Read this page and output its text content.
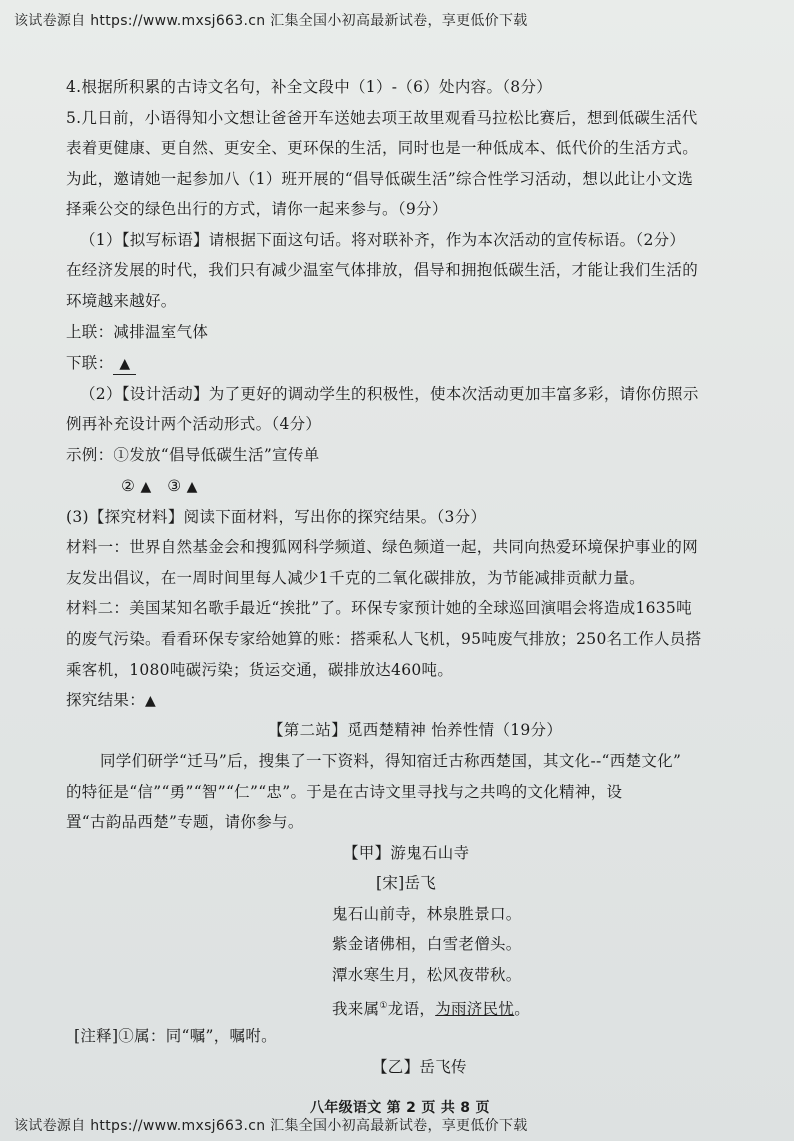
该试卷源自 https://www.mxsj663.cn 汇集全国小初高最新试卷，享更低价下载
4.根据所积累的古诗文名句，补全文段中（1）-（6）处内容。（8分）
5.几日前，小语得知小文想让爸爸开车送她去项王故里观看马拉松比赛后，想到低碳生活代
表着更健康、更自然、更安全、更环保的生活，同时也是一种低成本、低代价的生活方式。
为此，邀请她一起参加八（1）班开展的“倡导低碳生活”综合性学习活动，想以此让小文选
择乘公交的绿色出行的方式，请你一起来参与。（9分）
（1）【拟写标语】请根据下面这句话。将对联补齐，作为本次活动的宣传标语。（2分）
在经济发展的时代，我们只有减少温室气体排放，倡导和拥抱低碳生活，才能让我们生活的
环境越来越好。
上联：减排温室气体
下联： ▲
（2）【设计活动】为了更好的调动学生的积极性，使本次活动更加丰富多彩，请你仿照示
例再补充设计两个活动形式。（4分）
示例：①发放“倡导低碳生活”宣传单
② ▲ ③ ▲
(3)【探究材料】阅读下面材料，写出你的探究结果。（3分）
材料一：世界自然基金会和搜狐网科学频道、绿色频道一起，共同向热爱环境保护事业的网
友发出倡议，在一周时间里每人减少1千克的二氧化碳排放，为节能减排贡献力量。
材料二：美国某知名歌手最近“挨批”了。环保专家预计她的全球巡回演唱会将造成1635吨
的废气污染。看看环保专家给她算的账：搭乘私人飞机，95吨废气排放；250名工作人员搭
乘客机，1080吨碳污染；货运交通，碳排放达460吨。
探究结果：▲
【第二站】觅西楚精神 怡养性情（19分）
同学们研学“迁马”后，搜集了一下资料，得知宿迁古称西楚国，其文化--“西楚文化”
的特征是“信”“勇”“智”“仁”“忠”。于是在古诗文里寻找与之共鸣的文化精神，设
置“古韵品西楚”专题，请你参与。
【甲】游鬼石山寺
[宋]岳飞
鬼石山前寺，林泉胜景口。
紫金诸佛相，白雪老僧头。
潭水寒生月，松风夜带秋。
我来属①龙语，为雨济民忧。
[注释]①属：同“嘱”，嘱咐。
【乙】岳飞传
八年级语文 第 2 页 共 8 页
该试卷源自 https://www.mxsj663.cn 汇集全国小初高最新试卷，享更低价下载
